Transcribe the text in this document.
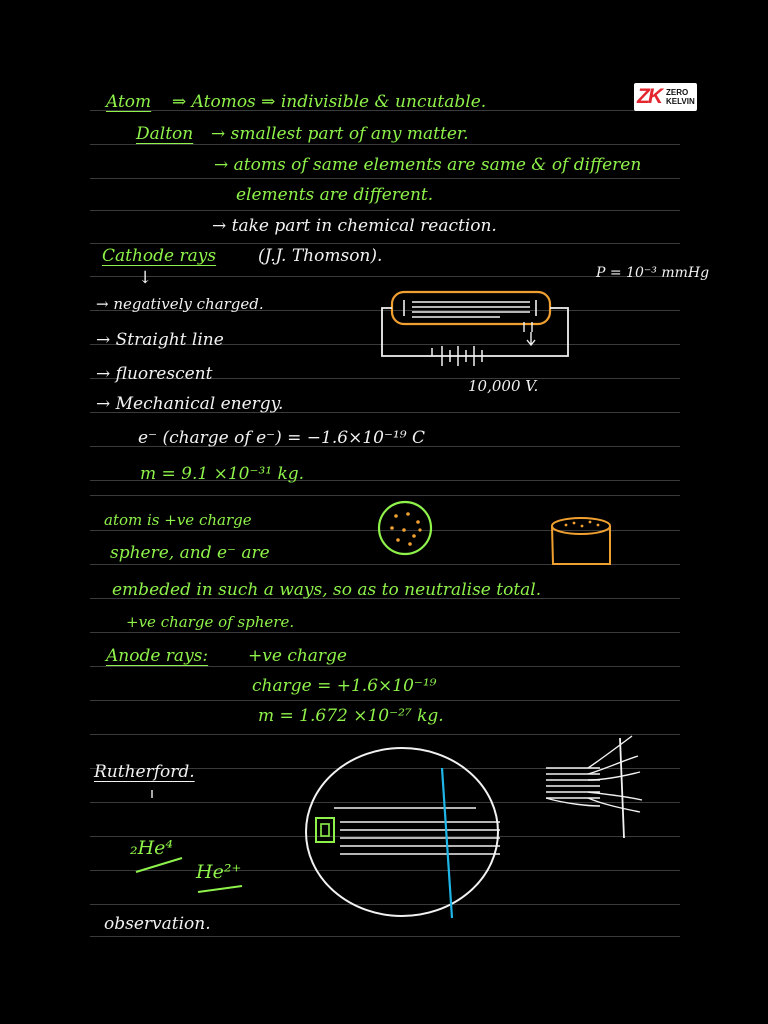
ZK ZERO
KELVIN
Atom ⇒ Atomos ⇒ indivisible & uncutable.
Dalton → smallest part of any matter.
→ atoms of same elements are same & of differen
elements are different.
→ take part in chemical reaction.
Cathode rays (J.J. Thomson).
P = 10⁻³ mmHg
↓
→ negatively charged.
→ Straight line
→ fluorescent
→ Mechanical energy.
10,000 V.
e⁻ (charge of e⁻) = −1.6×10⁻¹⁹ C
m = 9.1 ×10⁻³¹ kg.
atom is +ve charge
sphere, and e⁻ are
embeded in such a ways, so as to neutralise total.
+ve charge of sphere.
Anode rays: +ve charge
charge = +1.6×10⁻¹⁹
m = 1.672 ×10⁻²⁷ kg.
Rutherford.
₂He⁴
He²⁺
observation.
